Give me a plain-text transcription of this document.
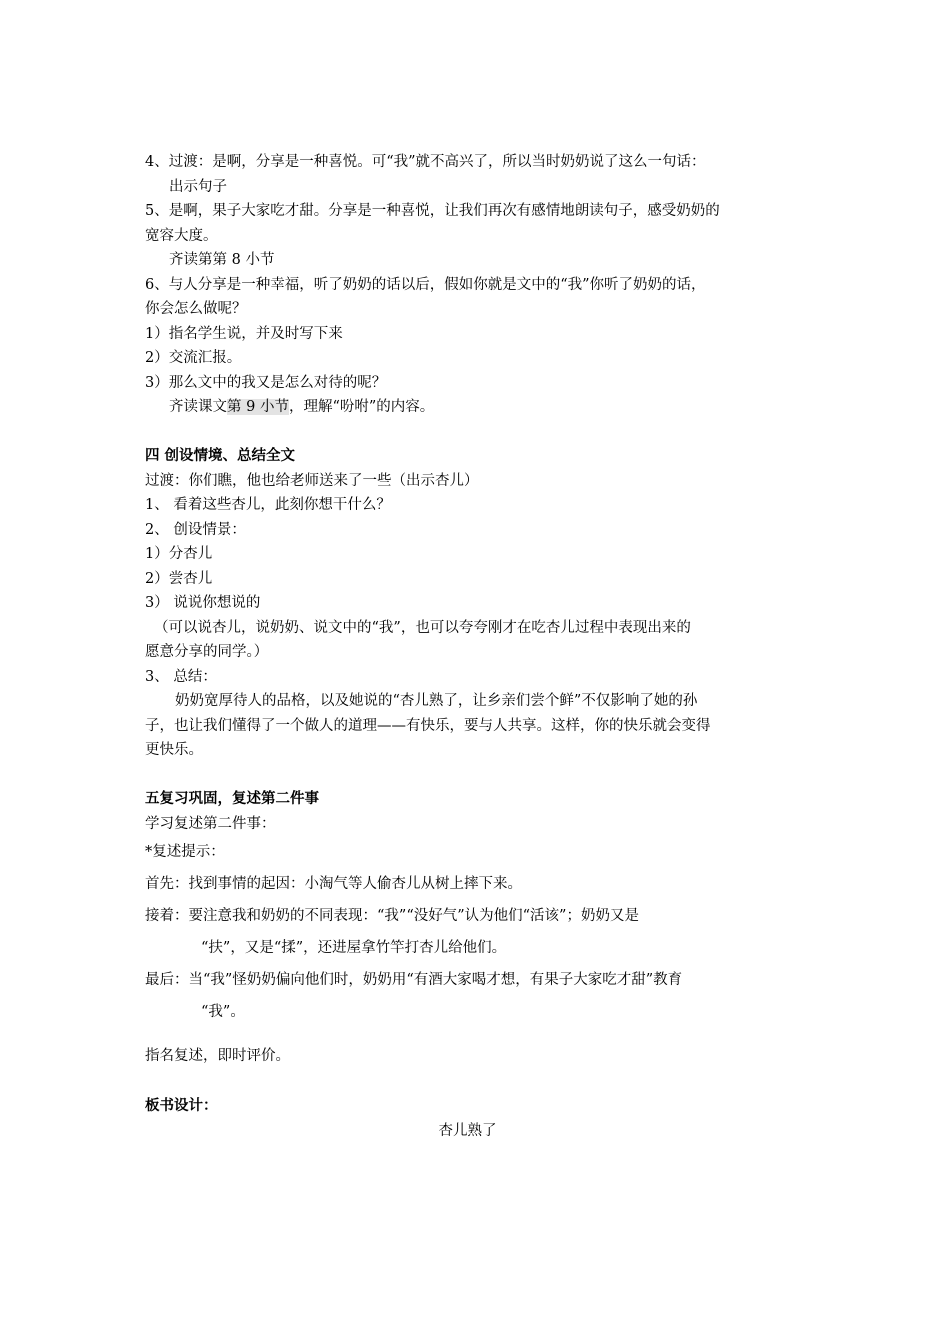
4、过渡：是啊，分享是一种喜悦。可“我”就不高兴了，所以当时奶奶说了这么一句话：
出示句子
5、是啊，果子大家吃才甜。分享是一种喜悦，让我们再次有感情地朗读句子，感受奶奶的
宽容大度。
齐读第第 8 小节
6、与人分享是一种幸福，听了奶奶的话以后，假如你就是文中的“我”你听了奶奶的话，
你会怎么做呢？
1）指名学生说，并及时写下来
2）交流汇报。
3）那么文中的我又是怎么对待的呢？
齐读课文第 9 小节，理解“吩咐”的内容。
四 创设情境、总结全文
过渡：你们瞧，他也给老师送来了一些（出示杏儿）
1、 看着这些杏儿，此刻你想干什么？
2、 创设情景：
1）分杏儿
2）尝杏儿
3） 说说你想说的
（可以说杏儿，说奶奶、说文中的“我”，也可以夸夸刚才在吃杏儿过程中表现出来的
愿意分享的同学。）
3、 总结：
奶奶宽厚待人的品格，以及她说的“杏儿熟了，让乡亲们尝个鲜”不仅影响了她的孙
子，也让我们懂得了一个做人的道理——有快乐，要与人共享。这样，你的快乐就会变得
更快乐。
五复习巩固，复述第二件事
学习复述第二件事：
*复述提示：
首先：找到事情的起因：小淘气等人偷杏儿从树上摔下来。
接着：要注意我和奶奶的不同表现：“我”“没好气”认为他们“活该”；奶奶又是
“扶”，又是“揉”，还进屋拿竹竿打杏儿给他们。
最后：当“我”怪奶奶偏向他们时，奶奶用“有酒大家喝才想，有果子大家吃才甜”教育
“我”。
指名复述，即时评价。
板书设计：
杏儿熟了
